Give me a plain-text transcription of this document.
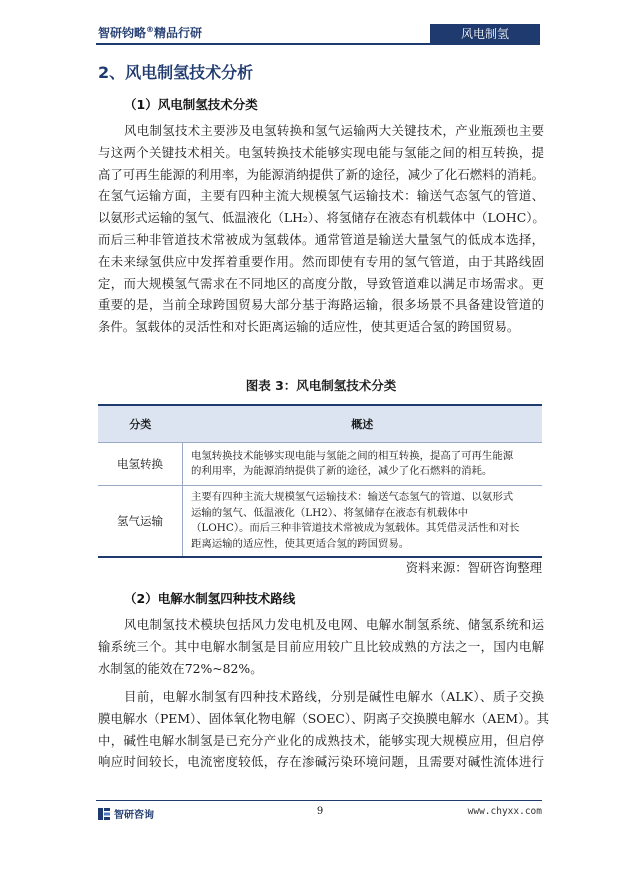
智研钧略®精品行研	风电制氢
2、风电制氢技术分析
（1）风电制氢技术分类
风电制氢技术主要涉及电氢转换和氢气运输两大关键技术，产业瓶颈也主要
与这两个关键技术相关。电氢转换技术能够实现电能与氢能之间的相互转换，提
高了可再生能源的利用率，为能源消纳提供了新的途径，减少了化石燃料的消耗。
在氢气运输方面，主要有四种主流大规模氢气运输技术：输送气态氢气的管道、
以氨形式运输的氢气、低温液化（LH₂）、将氢储存在液态有机载体中（LOHC）。
而后三种非管道技术常被成为氢载体。通常管道是输送大量氢气的低成本选择，
在未来绿氢供应中发挥着重要作用。然而即使有专用的氢气管道，由于其路线固
定，而大规模氢气需求在不同地区的高度分散，导致管道难以满足市场需求。更
重要的是，当前全球跨国贸易大部分基于海路运输，很多场景不具备建设管道的
条件。氢载体的灵活性和对长距离运输的适应性，使其更适合氢的跨国贸易。
图表 3：风电制氢技术分类
分类	概述
电氢转换	电氢转换技术能够实现电能与氢能之间的相互转换，提高了可再生能源
的利用率，为能源消纳提供了新的途径，减少了化石燃料的消耗。

氢气运输	主要有四种主流大规模氢气运输技术：输送气态氢气的管道、以氨形式
运输的氢气、低温液化（LH2）、将氢储存在液态有机载体中
（LOHC）。而后三种非管道技术常被成为氢载体。其凭借灵活性和对长
距离运输的适应性，使其更适合氢的跨国贸易。
资料来源：智研咨询整理
（2）电解水制氢四种技术路线
风电制氢技术模块包括风力发电机及电网、电解水制氢系统、储氢系统和运
输系统三个。其中电解水制氢是目前应用较广且比较成熟的方法之一，国内电解
水制氢的能效在72%~82%。
目前，电解水制氢有四种技术路线，分别是碱性电解水（ALK）、质子交换
膜电解水（PEM）、固体氧化物电解（SOEC）、阴离子交换膜电解水（AEM）。其
中，碱性电解水制氢是已充分产业化的成熟技术，能够实现大规模应用，但启停
响应时间较长，电流密度较低，存在渗碱污染环境问题，且需要对碱性流体进行
智研咨询	9	www.chyxx.com
